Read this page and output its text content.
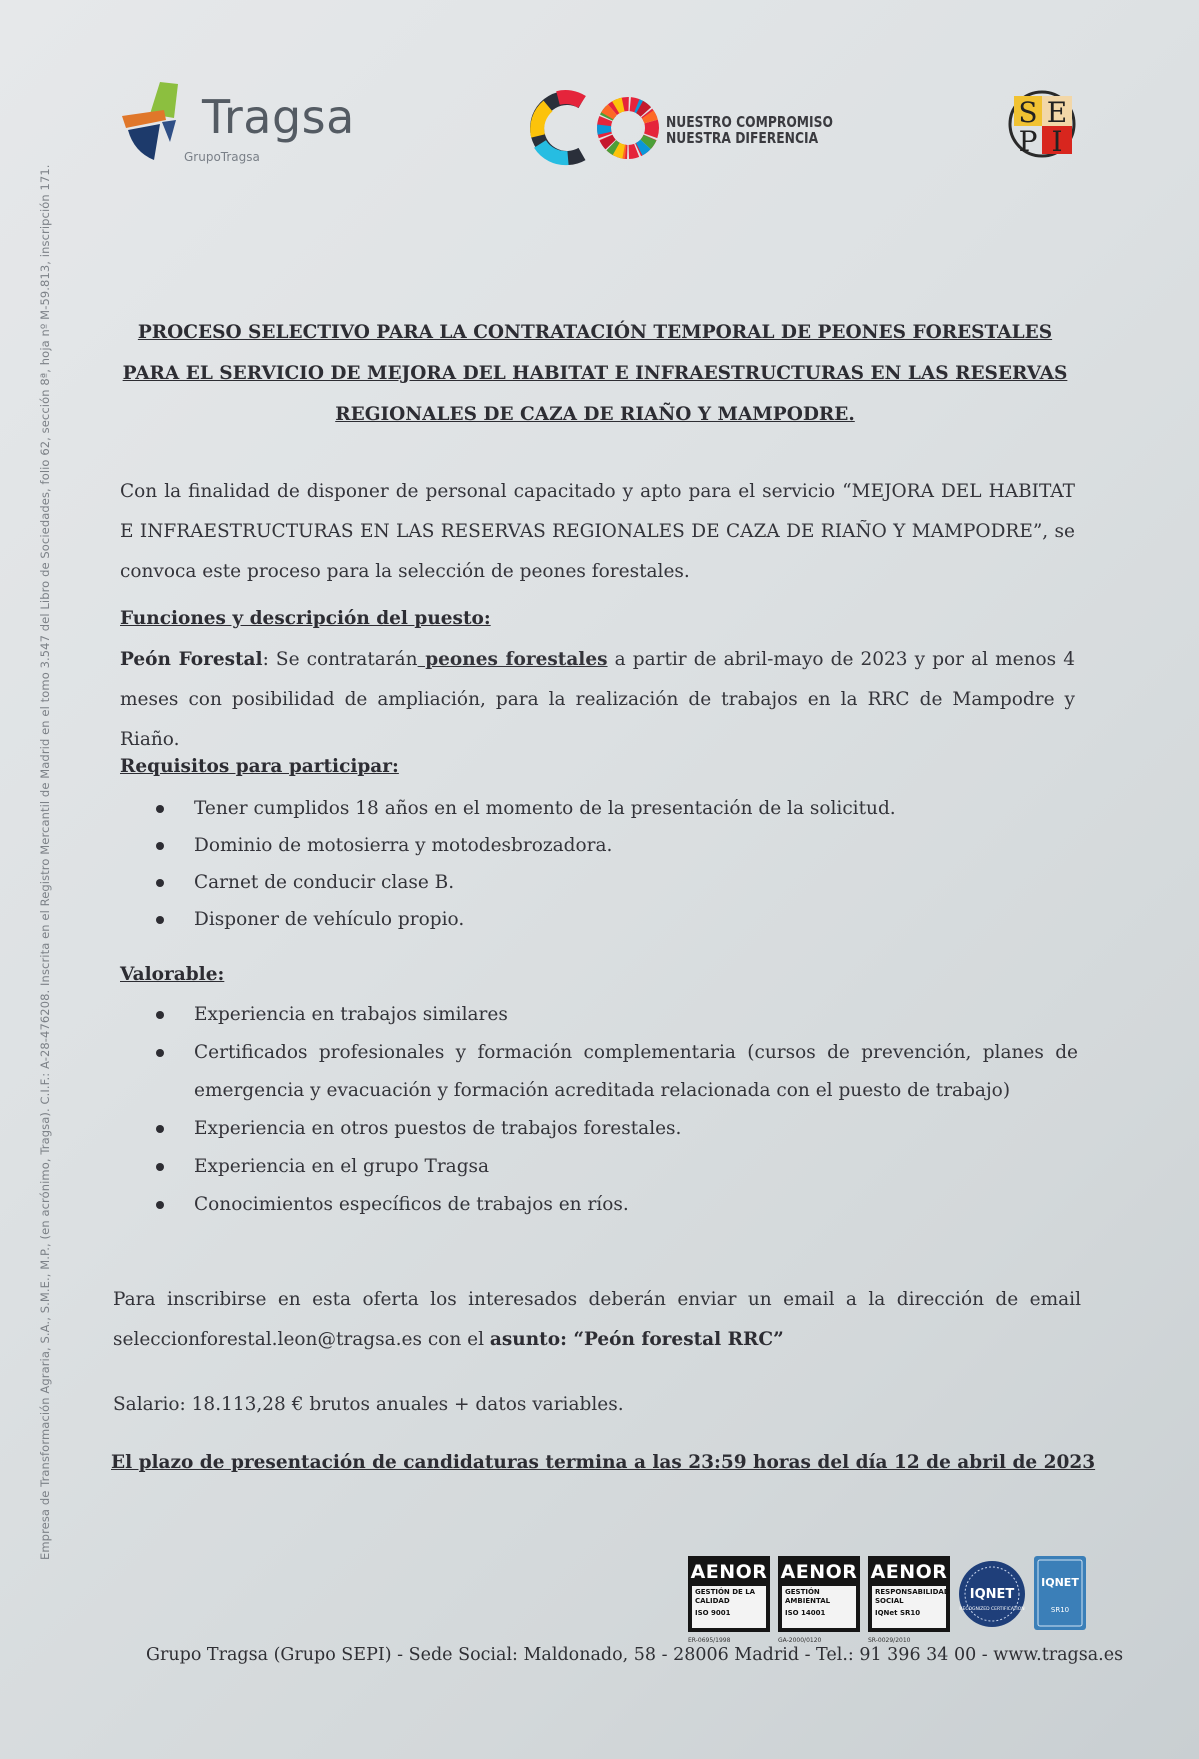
Tragsa
GrupoTragsa
NUESTRO COMPROMISO
NUESTRA DIFERENCIA
S E
P I
Empresa de Transformación Agraria, S.A., S.M.E., M.P., (en acrónimo, Tragsa). C.I.F.: A-28-476208. Inscrita en el Registro Mercantil de Madrid en el tomo 3.547 del Libro de Sociedades, folio 62, sección 8ª, hoja nº M-59.813, inscripción 171.	PROCESO SELECTIVO PARA LA CONTRATACIÓN TEMPORAL DE PEONES FORESTALES PARA EL SERVICIO DE MEJORA DEL HABITAT E INFRAESTRUCTURAS EN LAS RESERVAS REGIONALES DE CAZA DE RIAÑO Y MAMPODRE.
Con la finalidad de disponer de personal capacitado y apto para el servicio “MEJORA DEL HABITAT E INFRAESTRUCTURAS EN LAS RESERVAS REGIONALES DE CAZA DE RIAÑO Y MAMPODRE”, se convoca este proceso para la selección de peones forestales.
Funciones y descripción del puesto:
Peón Forestal: Se contratarán peones forestales a partir de abril-mayo de 2023 y por al menos 4 meses con posibilidad de ampliación, para la realización de trabajos en la RRC de Mampodre y Riaño.
Requisitos para participar:
Tener cumplidos 18 años en el momento de la presentación de la solicitud.
Dominio de motosierra y motodesbrozadora.
Carnet de conducir clase B.
Disponer de vehículo propio.
Valorable:
Experiencia en trabajos similares
Certificados profesionales y formación complementaria (cursos de prevención, planes de emergencia y evacuación y formación acreditada relacionada con el puesto de trabajo)
Experiencia en otros puestos de trabajos forestales.
Experiencia en el grupo Tragsa
Conocimientos específicos de trabajos en ríos.
Para inscribirse en esta oferta los interesados deberán enviar un email a la dirección de email seleccionforestal.leon@tragsa.es con el asunto: “Peón forestal RRC”
Salario: 18.113,28 € brutos anuales + datos variables.
El plazo de presentación de candidaturas termina a las 23:59 horas del día 12 de abril de 2023
AENOR
GESTIÓN DE LA CALIDAD
ISO 9001
ER-0695/1998
AENOR
GESTIÓN AMBIENTAL
ISO 14001
GA-2000/0120
AENOR
RESPONSABILIDAD SOCIAL
IQNet SR10
SR-0029/2010
IQNET
RECOGNIZED CERTIFICATION
IQNET
SR10
Grupo Tragsa (Grupo SEPI) - Sede Social: Maldonado, 58 - 28006 Madrid - Tel.: 91 396 34 00 - www.tragsa.es
